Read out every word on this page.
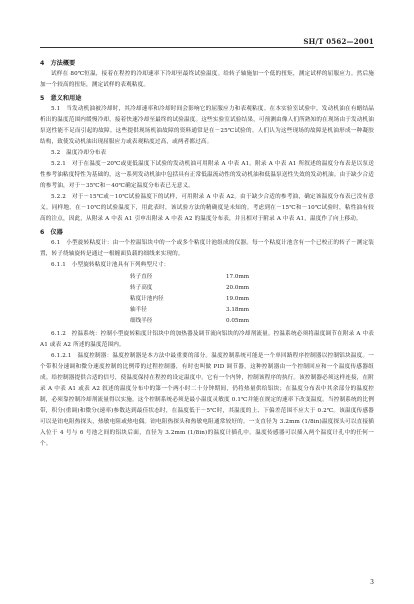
SH/T 0562—2001

4　方法概要

试样在 80℃恒温，接着在程控的冷却速率下冷却至最终试验温度。给转子轴施加一个低的扭矩，测定试样的屈服应力。然后施加一个较高的扭矩，测定试样的表观粘度。

5　意义和用途

5.1　当发动机油被冷却时，其冷却速率和冷却时间会影响它的屈服应力和表观粘度。在本实验室试验中，发动机油在有蜡结晶析出的温度范围内缓慢冷却，接着快速冷却至最终的试验温度。这些实验室试验结果，可预测由像人们所熟知的在现场由于发动机油泵送性能不足而引起的故障。这些提供现场机油故障的资料通常是在－25℃试验的。人们认为这些现场的故障是机油形成一种凝胶结构，致使发动机油出现屈服应力或表观粘度过高，或两者都过高。

5.2　温度冷却分布表

5.2.1　对于在温度－20℃或更低温度下试验的发动机油可用附录 A 中表 A1。附录 A 中表 A1 所叙述的温度分布表是以泵送性参考油粘度特性为基础的，这一系列发动机油中包括具有正常低温流动性的发动机油和低温泵送性失效的发动机油。由于缺少合适的参考油，对于－35℃和－40℃确定温度分布表已无意义。

5.2.2　对于－15℃或－10℃试验温度下的试样，可用附录 A 中表 A2。由于缺少合适的参考油，确定该温度分布表已没有意义。同样地，在－10℃的试验温度下，用此表时，该试验方法的精确度是未知的。考虑到在－15℃和－10℃试验时，粘性油有较高的注点，因此，从附录 A 中表 A1 引申出附录 A 中表 A2 的温度分布表，并且相对于附录 A 中表 A1，温度作了向上移动。

6　仪器

6.1　小型旋转粘度计：由一个控温铝块中的一个或多个粘度计池组成的仪器。每一个粘度计池含有一个已校正的转子－测定装置，转子绕轴旋转是通过一根缠面负载的细线来实现的。

6.1.1　小型旋转粘度计池具有下列典型尺寸：

转子直径	17.0mm
转子高度	20.0mm
粘度计池内径	19.0mm
轴半径	3.18mm
细线半径	0.05mm

6.1.2　控温系统：控制小型旋转粘度计铝块中的加热器及调节流向铝块的冷却剂流量。控温系统必须将温度调节在附录 A 中表 A1 或表 A2 所述的温度范围内。

6.1.2.1　温度控制器：温度控制器是本方法中最重要的部分。温度控制系统可能是一个单回路程序控制器以控制铝块温度。一个带积分速调和微分速度控制的比例带的过程控制器，有时也叫做 PID 调节器，这种控制器由一个控制回应和一个温度传感器组成。给控制器提供合适的信号，使温度保持在程控的设定温度中。它有一个内钟，控制该程序的执行。该控制器必须这样连接，在附录 A 中表 A1 或表 A2 叙述的温度分布中的第一个两小时二十分钟期间，仍将热量供给铝块；在温度分布表中其余部分的温度控制，必须靠控制冷却剂流量得以实施。这个控制系统必须是最小温度灵敏度 0.1℃并能在规定的速率下改变温度。当控制系统的比例带，积分(重调)和微分(速率)参数达到最佳状态时，在温度低于－5℃时，其温度的上、下偏差范围不应大于 0.2℃。该温度传感器可以是铂电阻热探头，热敏电阻或热电偶。铂电阻热探头和热敏电阻通常较好的。一支直径为 3.2mm (1/8in)温度探头可以直接插入位于 4 号与 6 号池之间的铝块后面，直径为 3.2mm (1/8in)的温度计插孔中。温度传感器可以插入两个温度计孔中的任何一个。

3
